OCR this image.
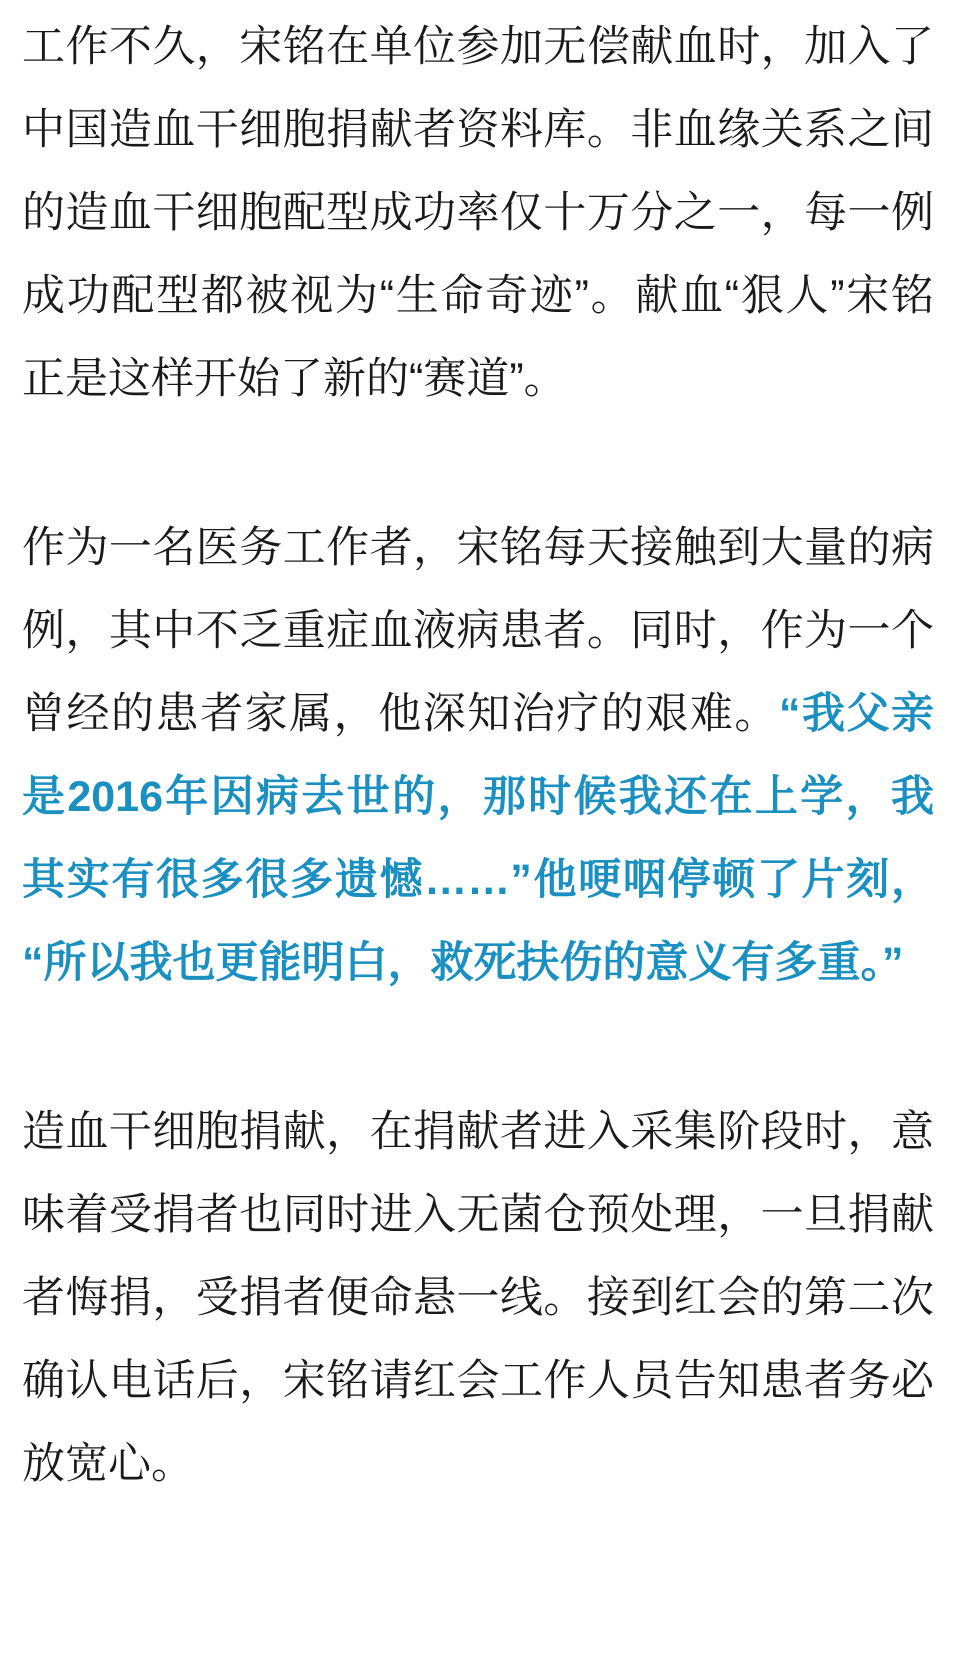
工作不久，宋铭在单位参加无偿献血时，加入了中国造血干细胞捐献者资料库。非血缘关系之间的造血干细胞配型成功率仅十万分之一，每一例成功配型都被视为“生命奇迹”。献血“狠人”宋铭正是这样开始了新的“赛道”。

作为一名医务工作者，宋铭每天接触到大量的病例，其中不乏重症血液病患者。同时，作为一个曾经的患者家属，他深知治疗的艰难。“我父亲是2016年因病去世的，那时候我还在上学，我其实有很多很多遗憾……”他哽咽停顿了片刻，“所以我也更能明白，救死扶伤的意义有多重。”

造血干细胞捐献，在捐献者进入采集阶段时，意味着受捐者也同时进入无菌仓预处理，一旦捐献者悔捐，受捐者便命悬一线。接到红会的第二次确认电话后，宋铭请红会工作人员告知患者务必放宽心。
